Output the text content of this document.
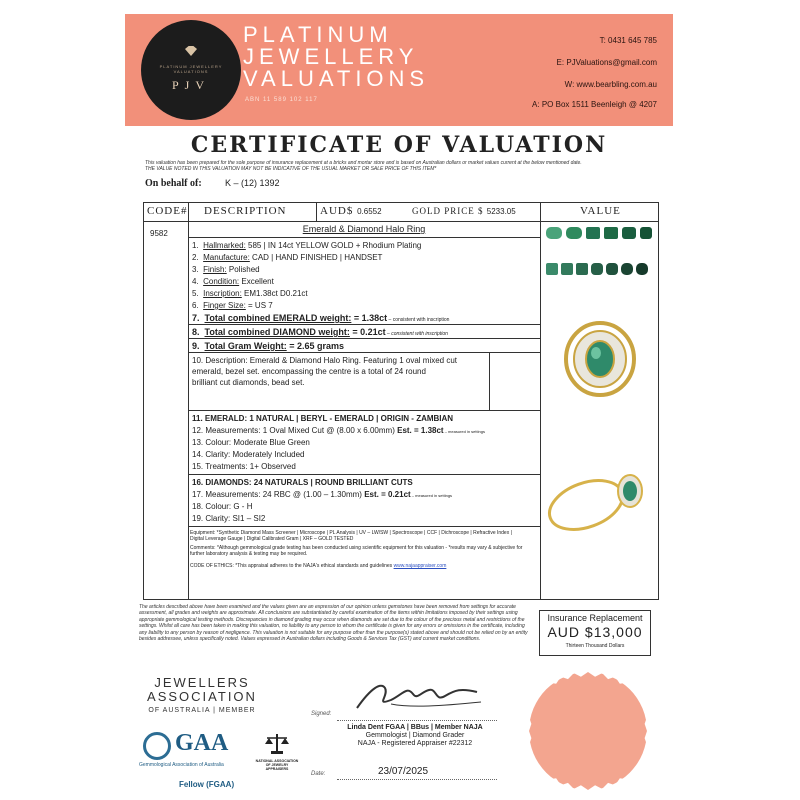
PLATINUM JEWELLERY VALUATIONS
PJV
PLATINUM
JEWELLERY
VALUATIONS
ABN 11 589 102 117
T: 0431 645 785
E: PJValuations@gmail.com
W: www.bearbling.com.au
A: PO Box 1511 Beenleigh @ 4207
CERTIFICATE OF VALUATION
This valuation has been prepared for the sole purpose of insurance replacement at a bricks and mortar store and is based on Australian dollars or market values current at the below mentioned date.
THE VALUE NOTED IN THIS VALUATION MAY NOT BE INDICATIVE OF THE USUAL MARKET OR SALE PRICE OF THIS ITEM*
On behalf of:	K – (12) 1392
CODE# DESCRIPTION	AUD$ 0.6552	GOLD PRICE $ 5233.05	VALUE
9582	Emerald & Diamond Halo Ring
1. Hallmarked: 585 | IN 14ct YELLOW GOLD + Rhodium Plating
2. Manufacture: CAD | HAND FINISHED | HANDSET
3. Finish: Polished
4. Condition: Excellent
5. Inscription: EM1.38ct D0.21ct
6. Finger Size: = US 7
7. Total combined EMERALD weight: = 1.38ct – consistent with inscription
8. Total combined DIAMOND weight: = 0.21ct – consistent with inscription
9. Total Gram Weight: = 2.65 grams
10. Description: Emerald & Diamond Halo Ring. Featuring 1 oval mixed cut
emerald, bezel set. encompassing the centre is a total of 24 round
brilliant cut diamonds, bead set.
11. EMERALD: 1 NATURAL | BERYL - EMERALD | ORIGIN - ZAMBIAN
12. Measurements: 1 Oval Mixed Cut @ (8.00 x 6.00mm) Est. = 1.38ct – measured in settings
13. Colour: Moderate Blue Green
14. Clarity: Moderately Included
15. Treatments: 1+ Observed
16. DIAMONDS: 24 NATURALS | ROUND BRILLIANT CUTS
17. Measurements: 24 RBC @ (1.00 – 1.30mm) Est. = 0.21ct – measured in settings
18. Colour: G - H
19. Clarity: SI1 – SI2
Equipment: *Synthetic Diamond Mass Screener | Microscope | PL Analysis | UV – LW/SW | Spectroscope | CCF | Dichroscope | Refractive Index | Digital Leverage Gauge | Digital Calibrated Gram | XRF – GOLD TESTED
Comments: *Although gemmological grade testing has been conducted using scientific equipment for this valuation - *results may vary & subjective for further laboratory analysis & testing may be required.
CODE OF ETHICS: *This appraisal adheres to the NAJA's ethical standards and guidelines www.najaappraiser.com
The articles described above have been examined and the values given are an expression of our opinion unless gemstones have been removed from settings for accurate assessment, all grades and weights are approximate. All conclusions are substantiated by careful examination of the items within limitations imposed by their settings using appropriate gemmological testing methods. Discrepancies in diamond grading may occur when diamonds are set due to the colour of the precious metal and restrictions of the settings. Whilst all care has been taken in making this valuation, no liability to any person to whom the certificate is given for any errors or omissions in the certificate, including any liability to any person by reason of negligence. This valuation is not suitable for any purpose other than the purpose(s) stated above and should not be relied on by an entity besides addressee, unless specifically noted. Values expressed in Australian dollars including Goods & Services Tax (GST) and current market conditions.
Insurance Replacement
AUD $13,000
Thirteen Thousand Dollars
JEWELLERS
ASSOCIATION
OF AUSTRALIA | MEMBER
GAA
Gemmological Association of Australia
Fellow (FGAA)
NATIONAL ASSOCIATION OF JEWELRY APPRAISERS
Signed:
Linda Dent FGAA | BBus | Member NAJA
Gemmologist | Diamond Grader
NAJA - Registered Appraiser #22312
Date:	23/07/2025
